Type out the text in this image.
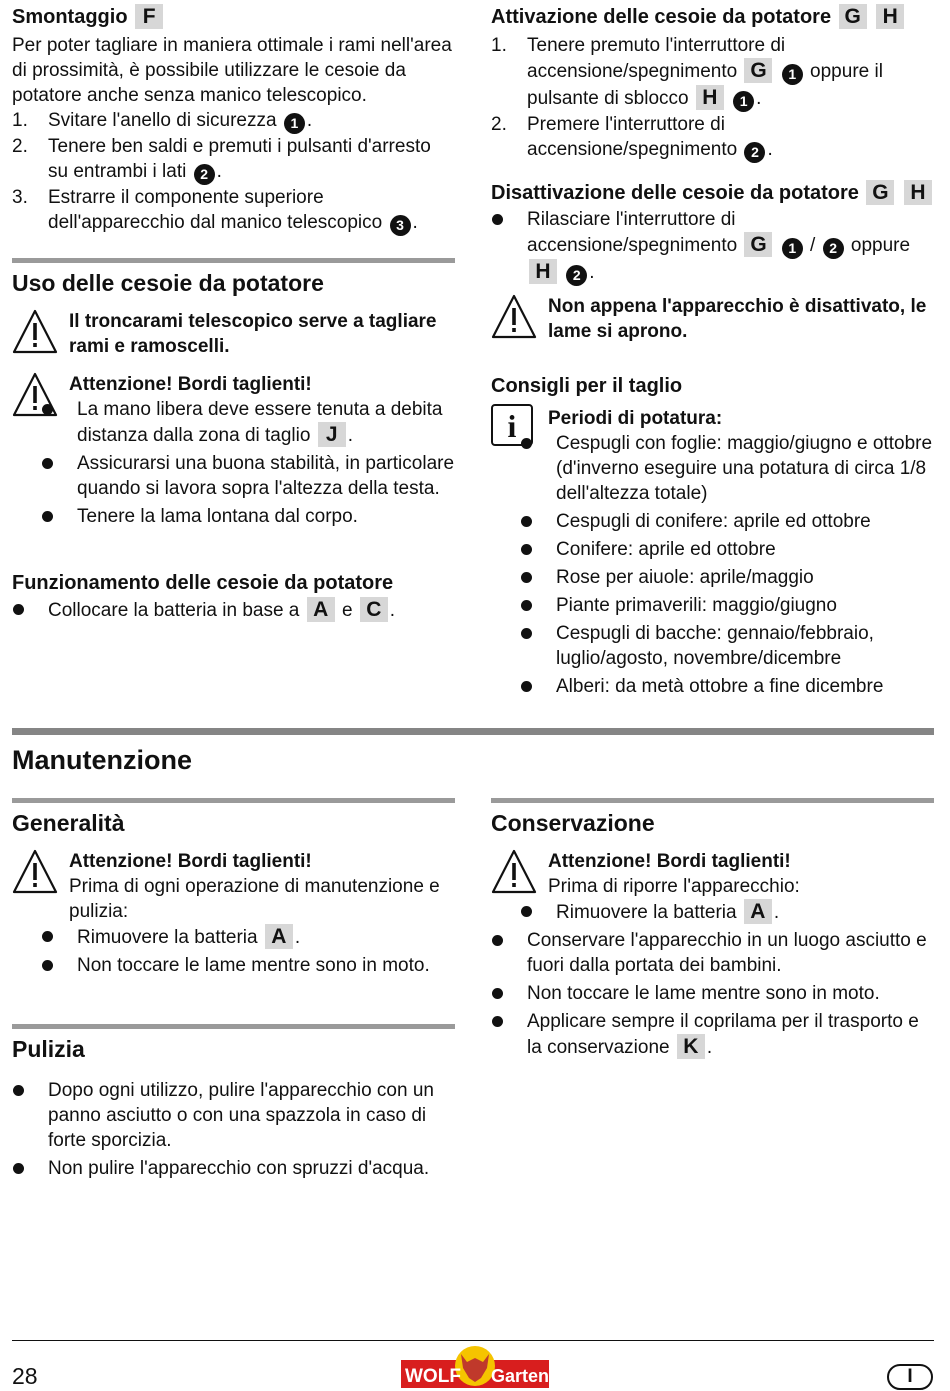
Smontaggio F

Per poter tagliare in maniera ottimale i rami nell'area di prossimità, è possibile utilizzare le cesoie da potatore anche senza manico telescopico.

1. Svitare l'anello di sicurezza 1 .
2. Tenere ben saldi e premuti i pulsanti d'arresto su entrambi i lati 2 .
3. Estrarre il componente superiore dell'apparecchio dal manico telescopico 3 .
Uso delle cesoie da potatore

Il troncarami telescopico serve a tagliare rami e ramoscelli.

Attenzione! Bordi taglienti!

La mano libera deve essere tenuta a debita distanza dalla zona di taglio J .
Assicurarsi una buona stabilità, in particolare quando si lavora sopra l'altezza della testa.
Tenere la lama lontana dal corpo.
Funzionamento delle cesoie da potatore
Collocare la batteria in base a A e C .
Attivazione delle cesoie da potatore G H
1. Tenere premuto l'interruttore di accensione/spegnimento G 1 oppure il pulsante di sblocco H 1 .
2. Premere l'interruttore di accensione/spegnimento 2 .
Disattivazione delle cesoie da potatore G H
Rilasciare l'interruttore di accensione/spegnimento G 1 / 2 oppure H 2 .

Non appena l'apparecchio è disattivato, le lame si aprono.

Consigli per il taglio
i	Periodi di potatura:

Cespugli con foglie: maggio/giugno e ottobre (d'inverno eseguire una potatura di circa 1/8 dell'altezza totale)
Cespugli di conifere: aprile ed ottobre
Conifere: aprile ed ottobre
Rose per aiuole: aprile/maggio
Piante primaverili: maggio/giugno
Cespugli di bacche: gennaio/febbraio, luglio/agosto, novembre/dicembre
Alberi: da metà ottobre a fine dicembre
Manutenzione
Generalità

Attenzione! Bordi taglienti!

Prima di ogni operazione di manutenzione e pulizia:

Rimuovere la batteria A .
Non toccare le lame mentre sono in moto.
Pulizia
Dopo ogni utilizzo, pulire l'apparecchio con un panno asciutto o con una spazzola in caso di forte sporcizia.
Non pulire l'apparecchio con spruzzi d'acqua.
Conservazione

Attenzione! Bordi taglienti!

Prima di riporre l'apparecchio:

Rimuovere la batteria A .
Conservare l'apparecchio in un luogo asciutto e fuori dalla portata dei bambini.
Non toccare le lame mentre sono in moto.
Applicare sempre il coprilama per il trasporto e la conservazione K .
28	WOLF Garten	I
